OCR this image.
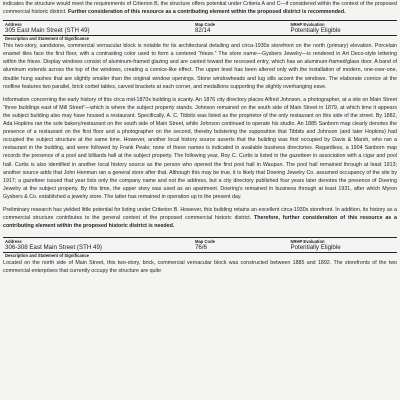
indicates the structure would meet the requirements of Criterion B, the structure offers potential under Criteria A and C—if considered within the context of the proposed commercial historic district. Further consideration of this resource as a contributing element within the proposed district is recommended.

Address	Map Code	NRHP Evaluation
305 East Main Street (STH 49)	82/14	Potentially Eligible
Description and Statement of Significance		

This two-story, sandstone, commercial vernacular block is notable for its architectural detailing and circa-1930s storefront on the north (primary) elevation. Porcelain enamel tiles face the first floor, with a contrasting color used to form a centered “frieze.” The store name—Gysbers Jewelry—is rendered in Art Deco-style lettering within the frieze. Display windows consist of aluminum-framed glazing and are canted toward the recessed entry, which has an aluminum-framed/glass door. A band of aluminum extends across the top of the windows, creating a cornice-like effect. The upper level has been altered only with the installation of modern, one-over-one, double hung sashes that are slightly smaller than the original window openings. Stone windowheads and lug sills accent the windows. The elaborate cornice at the roofline features two parallel, brick corbel tables, carved brackets at each corner, and medallions supporting the slightly overhanging eave.

Information concerning the early history of this circa mid-1870s building is scanty. An 1876 city directory places Alfred Johnson, a photographer, at a site on Main Street “three buildings east of Mill Street”—which is where the subject property stands. Johnson remained on the south side of Main Street in 1879, at which time it appears the subject building also may have housed a restaurant. Specifically, A. C. Tibbits was listed as the proprietor of the only restaurant on this side of the street. By 1882, Ada Hopkins ran the sole bakery/restaurant on the south side of Main Street, while Johnson continued to operate his studio. An 1885 Sanborn map clearly denotes the presence of a restaurant on the first floor and a photographer on the second, thereby bolstering the supposition that Tibbits and Johnson (and later Hopkins) had occupied the subject structure at the same time. However, another local history source asserts that the building was first occupied by Davis & Marsh, who ran a restaurant in the building, and were followed by Frank Peale; none of these names is indicated in available business directories. Regardless, a 1904 Sanborn map records the presence of a pool and billiards hall at the subject property. The following year, Roy C. Curtis is listed in the gazetteer in association with a cigar and pool hall. Curtis is also identified in another local history source as the person who opened the first pool hall in Waupun. The pool hall remained through at least 1913; another source adds that John Henman ran a general store after that. Although this may be true, it is likely that Doering Jewelry Co. assumed occupancy of the site by 1917; a gazetteer issued that year lists only the company name and not the address, but a city directory published four years later denotes the presence of Doering Jewelry at the subject property. By this time, the upper story was used as an apartment. Doering’s remained in business through at least 1931, after which Myron Gysbers & Co. established a jewelry store. The latter has remained in operation up to the present day.

Preliminary research has yielded little potential for listing under Criterion B. However, this building retains an excellent circa-1930s storefront. In addition, its history as a commercial structure contributes to the general context of the proposed commercial historic district. Therefore, further consideration of this resource as a contributing element within the proposed historic district is needed.

Address	Map Code	NRHP Evaluation
306-308 East Main Street (STH 49)	76/6	Potentially Eligible
Description and Statement of Significance		

Located on the north side of Main Street, this two-story, brick, commercial vernacular block was constructed between 1885 and 1892. The storefronts of the two commercial enterprises that currently occupy the structure are quite
